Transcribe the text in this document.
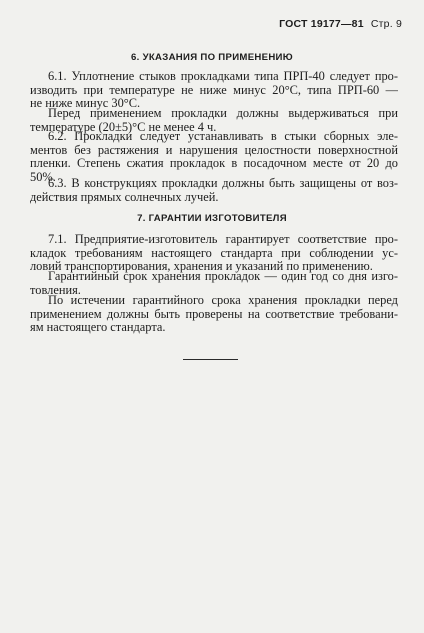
ГОСТ 19177—81 Стр. 9
6. УКАЗАНИЯ ПО ПРИМЕНЕНИЮ
6.1. Уплотнение стыков прокладками типа ПРП-40 следует про-
изводить при температуре не ниже минус 20°С, типа ПРП-60 —
не ниже минус 30°С.
Перед применением прокладки должны выдерживаться при
температуре (20±5)°С не менее 4 ч.
6.2. Прокладки следует устанавливать в стыки сборных эле-
ментов без растяжения и нарушения целостности поверхностной
пленки. Степень сжатия прокладок в посадочном месте от 20 до
50%.
6.3. В конструкциях прокладки должны быть защищены от воз-
действия прямых солнечных лучей.
7. ГАРАНТИИ ИЗГОТОВИТЕЛЯ
7.1. Предприятие-изготовитель гарантирует соответствие про-
кладок требованиям настоящего стандарта при соблюдении ус-
ловий транспортирования, хранения и указаний по применению.
Гарантийный срок хранения прокладок — один год со дня изго-
товления.
По истечении гарантийного срока хранения прокладки перед
применением должны быть проверены на соответствие требовани-
ям настоящего стандарта.
